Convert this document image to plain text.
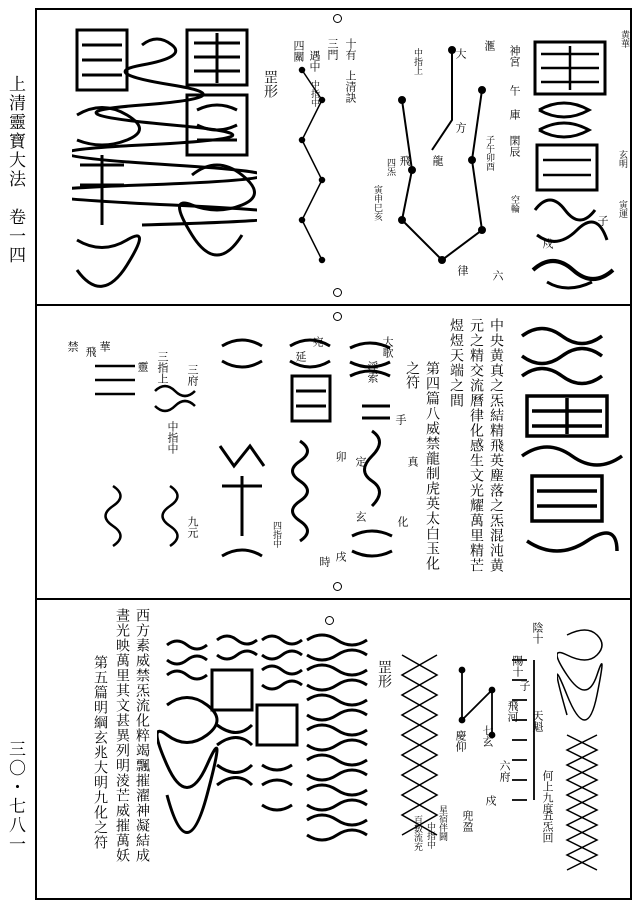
上清靈寶大法　卷一四
三〇・七八一
黄華
神宮
午 庫
閑辰
玄明
寅運
子
空輪
戍
滙
大
方
子午卯酉
律 六
中指上
龍
飛
四炁
寅申巳亥
十有
三門
上清訣
遇中
四關
中指中
罡形
中央黄真之炁結精飛英塵落之炁混沌黄
元之精交流曆律化感生文光耀萬里精芒
煜煜天端之間
第四篇八威禁龍制虎英太白玉化
之符
大歌
浮索
手
真
化
定
玄
宛
延
卯
戌
時
四指中
三府
三指上
靈
中指中
九元
禁 華
飛
陰十
陽十
子
飛河 天魁
何上九度
五炁回
七玄
慶仰
六府
戍
兜盈
星宿伴鬪
百數流充 中指中
罡形
西方素威禁炁流化粹竭飄摧濯神凝結成
晝光映萬里其文甚異列明淩芒威摧萬妖
第五篇明綱玄兆大明九化之符
